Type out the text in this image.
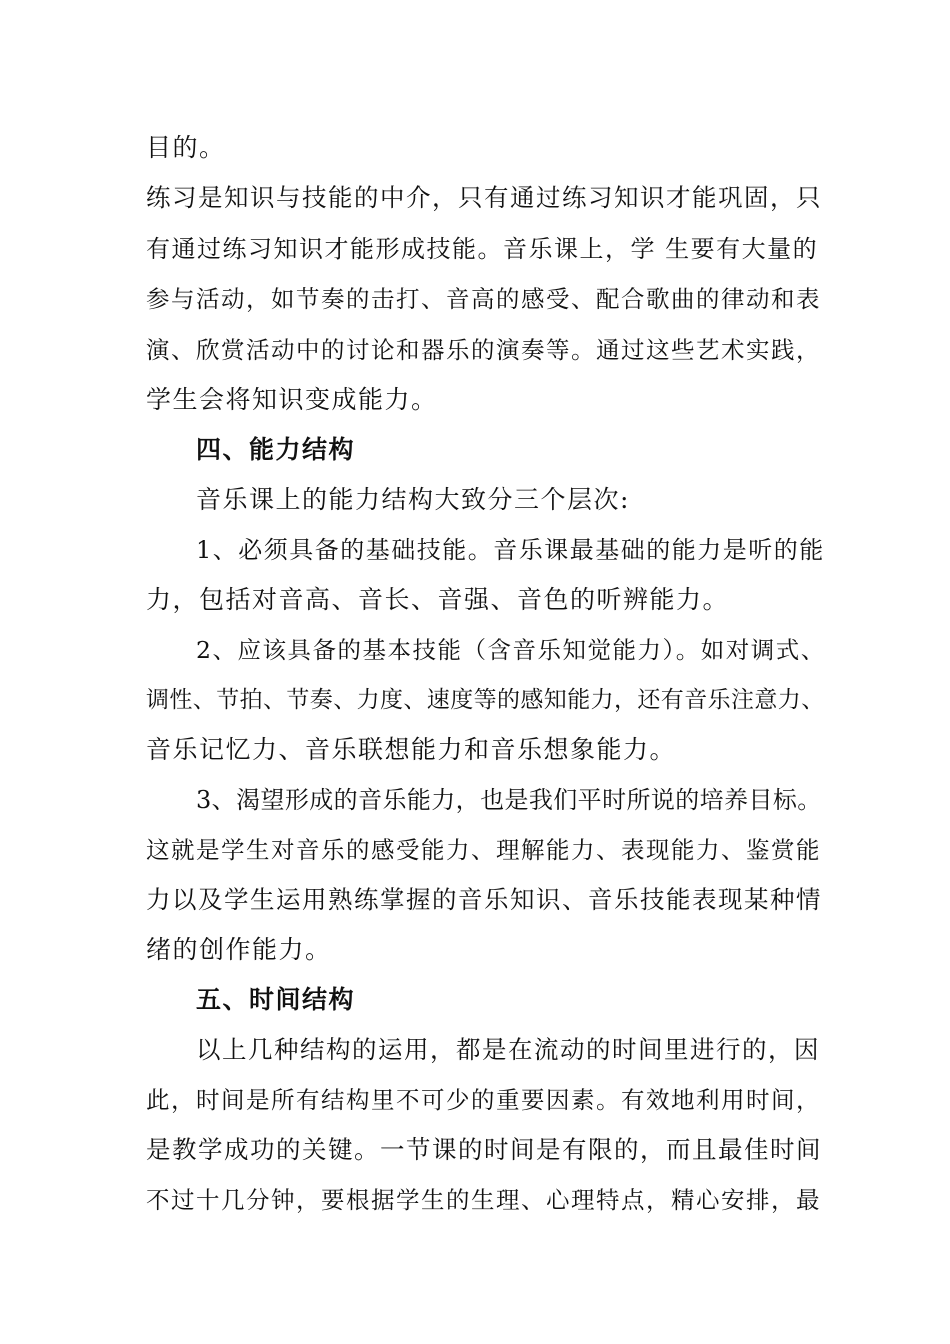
目的。
练习是知识与技能的中介，只有通过练习知识才能巩固，只
有通过练习知识才能形成技能。音乐课上，学 生要有大量的
参与活动，如节奏的击打、音高的感受、配合歌曲的律动和表
演、欣赏活动中的讨论和器乐的演奏等。通过这些艺术实践，
学生会将知识变成能力。
四、能力结构
音乐课上的能力结构大致分三个层次:
1、必须具备的基础技能。音乐课最基础的能力是听的能
力，包括对音高、音长、音强、音色的听辨能力。
2、应该具备的基本技能（含音乐知觉能力）。如对调式、
调性、节拍、节奏、力度、速度等的感知能力，还有音乐注意力、
音乐记忆力、音乐联想能力和音乐想象能力。
3、渴望形成的音乐能力，也是我们平时所说的培养目标。
这就是学生对音乐的感受能力、理解能力、表现能力、鉴赏能
力以及学生运用熟练掌握的音乐知识、音乐技能表现某种情
绪的创作能力。
五、时间结构
以上几种结构的运用，都是在流动的时间里进行的，因
此，时间是所有结构里不可少的重要因素。有效地利用时间，
是教学成功的关键。一节课的时间是有限的，而且最佳时间
不过十几分钟，要根据学生的生理、心理特点，精心安排，最
